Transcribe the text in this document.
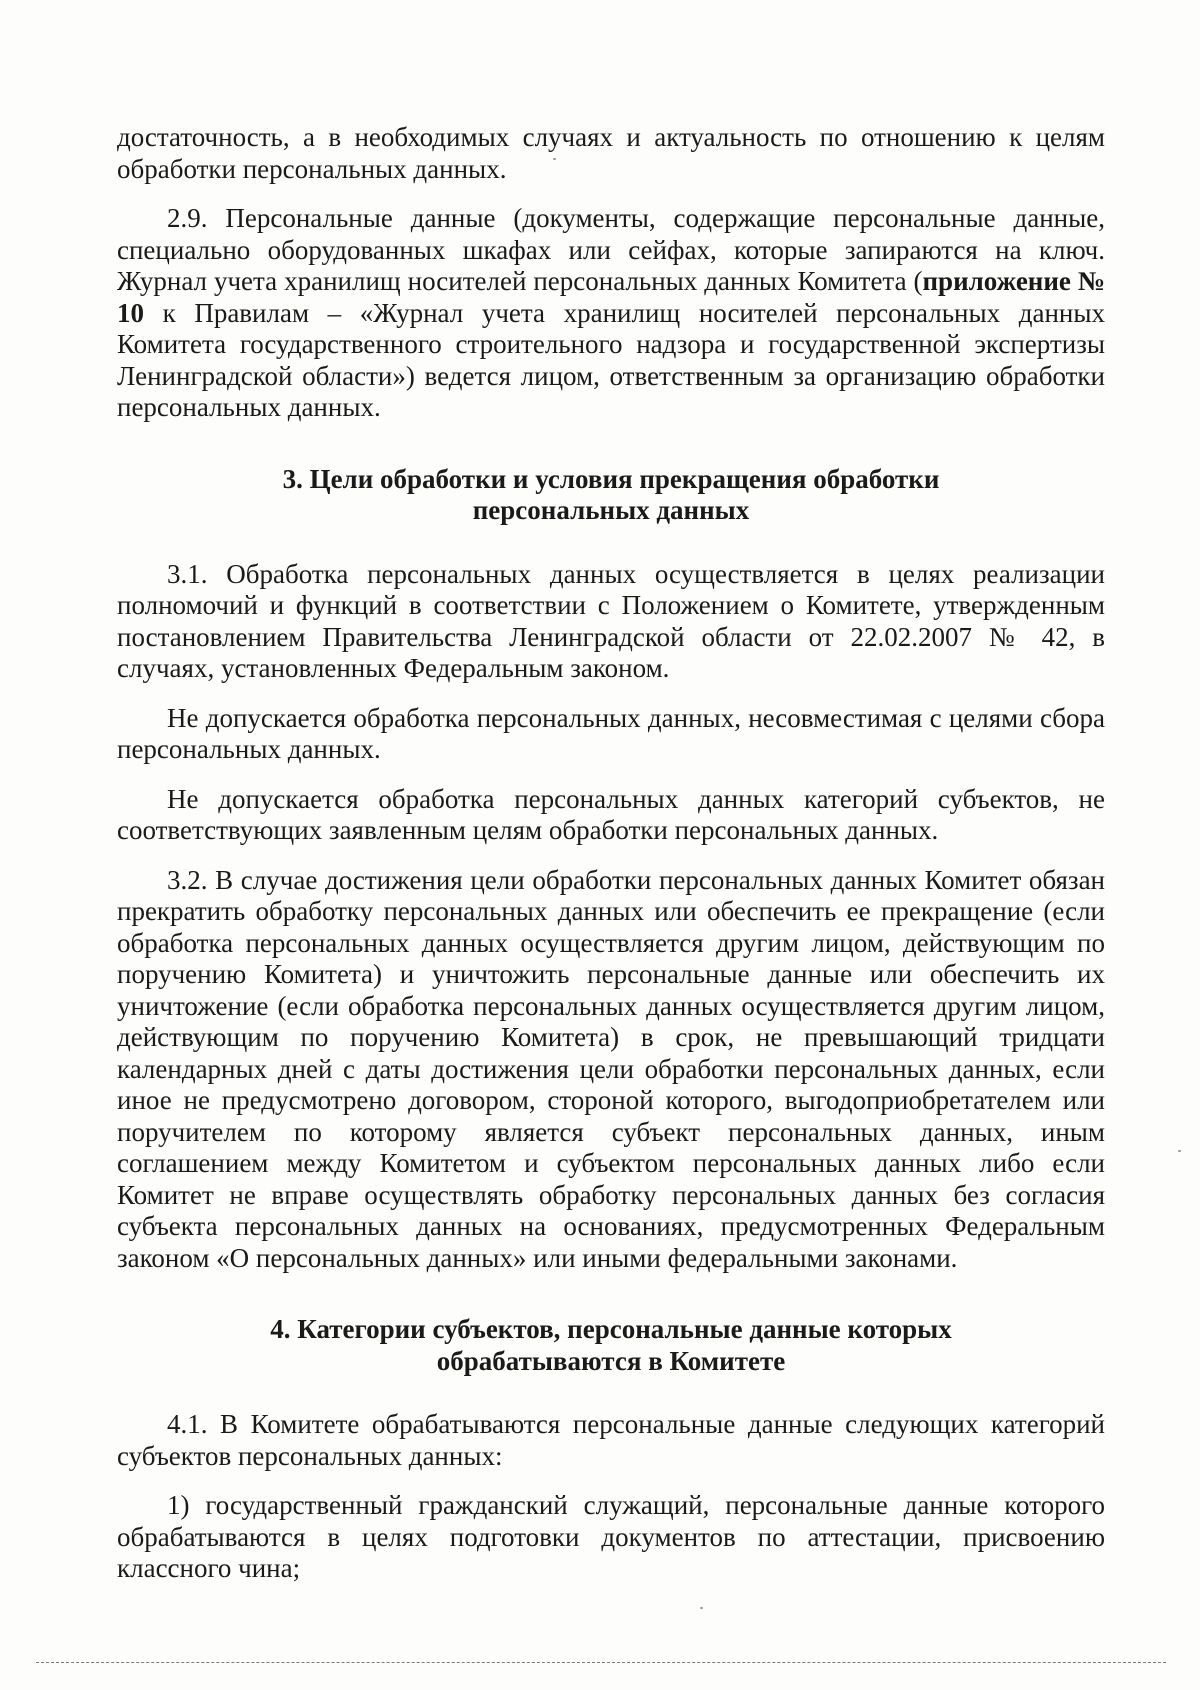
достаточность, а в необходимых случаях и актуальность по отношению к целям обработки персональных данных.

2.9. Персональные данные (документы, содержащие персональные данные, специально оборудованных шкафах или сейфах, которые запираются на ключ. Журнал учета хранилищ носителей персональных данных Комитета (приложение № 10 к Правилам – «Журнал учета хранилищ носителей персональных данных Комитета государственного строительного надзора и государственной экспертизы Ленинградской области») ведется лицом, ответственным за организацию обработки персональных данных.

3. Цели обработки и условия прекращения обработки
персональных данных

3.1. Обработка персональных данных осуществляется в целях реализации полномочий и функций в соответствии с Положением о Комитете, утвержденным постановлением Правительства Ленинградской области от 22.02.2007 № 42, в случаях, установленных Федеральным законом.

Не допускается обработка персональных данных, несовместимая с целями сбора персональных данных.

Не допускается обработка персональных данных категорий субъектов, не соответствующих заявленным целям обработки персональных данных.

3.2. В случае достижения цели обработки персональных данных Комитет обязан прекратить обработку персональных данных или обеспечить ее прекращение (если обработка персональных данных осуществляется другим лицом, действующим по поручению Комитета) и уничтожить персональные данные или обеспечить их уничтожение (если обработка персональных данных осуществляется другим лицом, действующим по поручению Комитета) в срок, не превышающий тридцати календарных дней с даты достижения цели обработки персональных данных, если иное не предусмотрено договором, стороной которого, выгодоприобретателем или поручителем по которому является субъект персональных данных, иным соглашением между Комитетом и субъектом персональных данных либо если Комитет не вправе осуществлять обработку персональных данных без согласия субъекта персональных данных на основаниях, предусмотренных Федеральным законом «О персональных данных» или иными федеральными законами.

4. Категории субъектов, персональные данные которых
обрабатываются в Комитете

4.1. В Комитете обрабатываются персональные данные следующих категорий субъектов персональных данных:

1) государственный гражданский служащий, персональные данные которого обрабатываются в целях подготовки документов по аттестации, присвоению классного чина;
